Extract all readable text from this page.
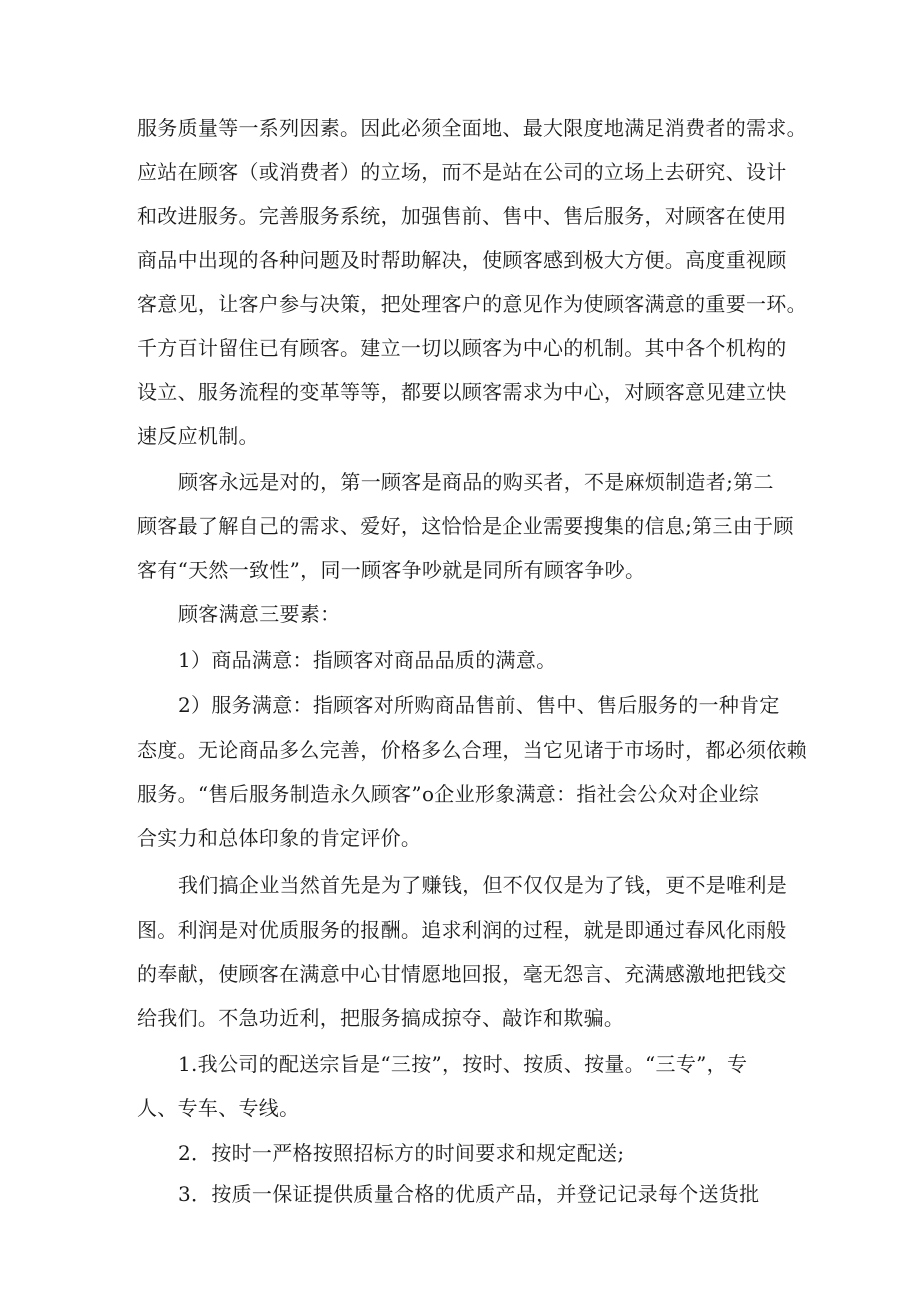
服务质量等一系列因素。因此必须全面地、最大限度地满足消费者的需求。
应站在顾客（或消费者）的立场，而不是站在公司的立场上去研究、设计
和改进服务。完善服务系统，加强售前、售中、售后服务，对顾客在使用
商品中出现的各种问题及时帮助解决，使顾客感到极大方便。高度重视顾
客意见，让客户参与决策，把处理客户的意见作为使顾客满意的重要一环。
千方百计留住已有顾客。建立一切以顾客为中心的机制。其中各个机构的
设立、服务流程的变革等等，都要以顾客需求为中心，对顾客意见建立快
速反应机制。
顾客永远是对的，第一顾客是商品的购买者，不是麻烦制造者;第二
顾客最了解自己的需求、爱好，这恰恰是企业需要搜集的信息;第三由于顾
客有“天然一致性”，同一顾客争吵就是同所有顾客争吵。
顾客满意三要素：
1）商品满意：指顾客对商品品质的满意。
2）服务满意：指顾客对所购商品售前、售中、售后服务的一种肯定
态度。无论商品多么完善，价格多么合理，当它见诸于市场时，都必须依赖
服务。“售后服务制造永久顾客”o企业形象满意：指社会公众对企业综
合实力和总体印象的肯定评价。
我们搞企业当然首先是为了赚钱，但不仅仅是为了钱，更不是唯利是
图。利润是对优质服务的报酬。追求利润的过程，就是即通过春风化雨般
的奉献，使顾客在满意中心甘情愿地回报，毫无怨言、充满感激地把钱交
给我们。不急功近利，把服务搞成掠夺、敲诈和欺骗。
1.我公司的配送宗旨是“三按”，按时、按质、按量。“三专”，专
人、专车、专线。
2．按时一严格按照招标方的时间要求和规定配送;
3．按质一保证提供质量合格的优质产品，并登记记录每个送货批
